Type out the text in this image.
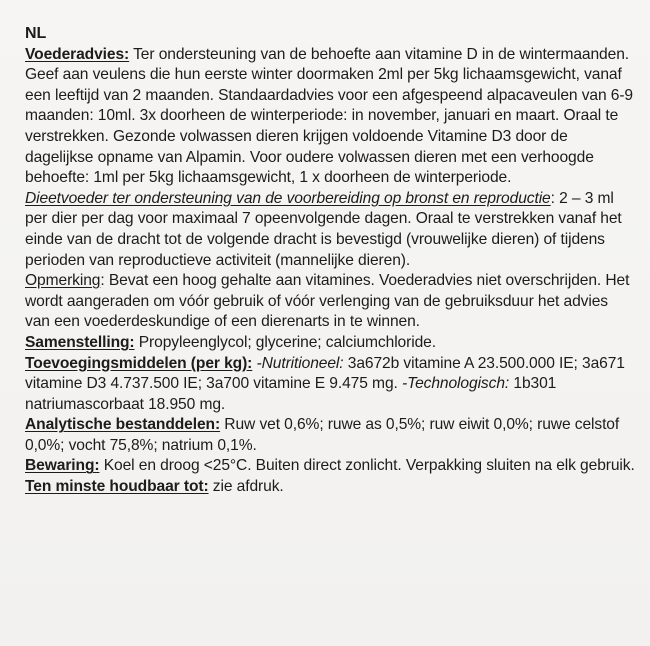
NL

Voederadvies: Ter ondersteuning van de behoefte aan vitamine D in de wintermaanden. Geef aan veulens die hun eerste winter doormaken 2ml per 5kg lichaamsgewicht, vanaf een leeftijd van 2 maanden. Standaardadvies voor een afgespeend alpacaveulen van 6-9 maanden: 10ml. 3x doorheen de winterperiode: in november, januari en maart. Oraal te verstrekken. Gezonde volwassen dieren krijgen voldoende Vitamine D3 door de dagelijkse opname van Alpamin. Voor oudere volwassen dieren met een verhoogde behoefte: 1ml per 5kg lichaamsgewicht, 1 x doorheen de winterperiode.

Dieetvoeder ter ondersteuning van de voorbereiding op bronst en reproductie: 2 – 3 ml per dier per dag voor maximaal 7 opeenvolgende dagen. Oraal te verstrekken vanaf het einde van de dracht tot de volgende dracht is bevestigd (vrouwelijke dieren) of tijdens perioden van reproductieve activiteit (mannelijke dieren).

Opmerking: Bevat een hoog gehalte aan vitamines. Voederadvies niet overschrijden. Het wordt aangeraden om vóór gebruik of vóór verlenging van de gebruiksduur het advies van een voederdeskundige of een dierenarts in te winnen.

Samenstelling: Propyleenglycol; glycerine; calciumchloride.

Toevoegingsmiddelen (per kg): -Nutritioneel: 3a672b vitamine A 23.500.000 IE; 3a671 vitamine D3 4.737.500 IE; 3a700 vitamine E 9.475 mg. -Technologisch: 1b301 natriumascorbaat 18.950 mg.

Analytische bestanddelen: Ruw vet 0,6%; ruwe as 0,5%; ruw eiwit 0,0%; ruwe celstof 0,0%; vocht 75,8%; natrium 0,1%.

Bewaring: Koel en droog <25°C. Buiten direct zonlicht. Verpakking sluiten na elk gebruik.

Ten minste houdbaar tot: zie afdruk.
